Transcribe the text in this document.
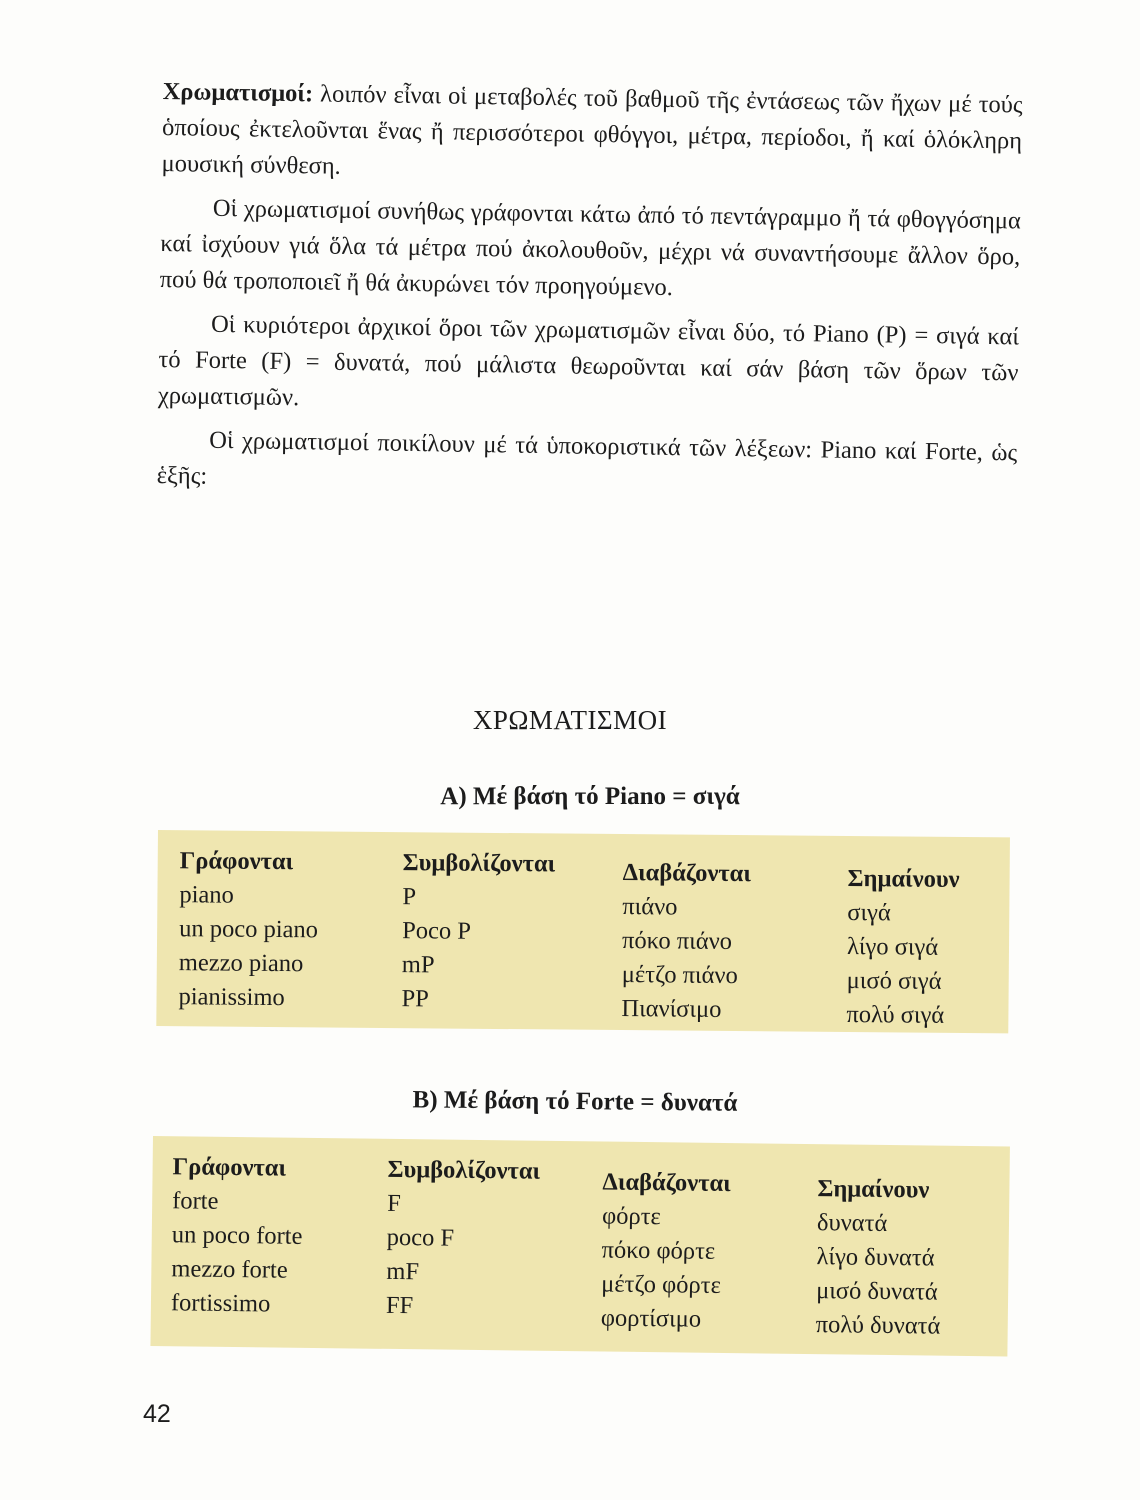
Χρωματισμοί: λοιπόν εἶναι οἱ μεταβολές τοῦ βαθμοῦ τῆς ἐντάσεως τῶν ἤχων μέ τούς ὁποίους ἐκτελοῦνται ἕνας ἤ περισσότεροι φθόγγοι, μέτρα, περίοδοι, ἤ καί ὁλόκληρη μουσική σύνθεση.

Οἱ χρωματισμοί συνήθως γράφονται κάτω ἀπό τό πεντάγραμμο ἤ τά φθογγόσημα καί ἰσχύουν γιά ὅλα τά μέτρα πού ἀκολουθοῦν, μέχρι νά συναντήσουμε ἄλλον ὅρο, πού θά τροποποιεῖ ἤ θά ἀκυρώνει τόν προηγούμενο.

Οἱ κυριότεροι ἀρχικοί ὅροι τῶν χρωματισμῶν εἶναι δύο, τό Piano (P) = σιγά καί τό Forte (F) = δυνατά, πού μάλιστα θεωροῦνται καί σάν βάση τῶν ὅρων τῶν χρωματισμῶν.

Οἱ χρωματισμοί ποικίλουν μέ τά ὑποκοριστικά τῶν λέξεων: Piano καί Forte, ὡς ἑξῆς:

ΧΡΩΜΑΤΙΣΜΟΙ
Α) Μέ βάση τό Piano = σιγά
Γράφονται
piano
un poco piano
mezzo piano
pianissimo
Συμβολίζονται
P
Poco P
mP
PP
Διαβάζονται
πιάνο
πόκο πιάνο
μέτζο πιάνο
Πιανίσιμο
Σημαίνουν
σιγά
λίγο σιγά
μισό σιγά
πολύ σιγά
Β) Μέ βάση τό Forte = δυνατά
Γράφονται
forte
un poco forte
mezzo forte
fortissimo
Συμβολίζονται
F
poco F
mF
FF
Διαβάζονται
φόρτε
πόκο φόρτε
μέτζο φόρτε
φορτίσιμο
Σημαίνουν
δυνατά
λίγο δυνατά
μισό δυνατά
πολύ δυνατά
42
